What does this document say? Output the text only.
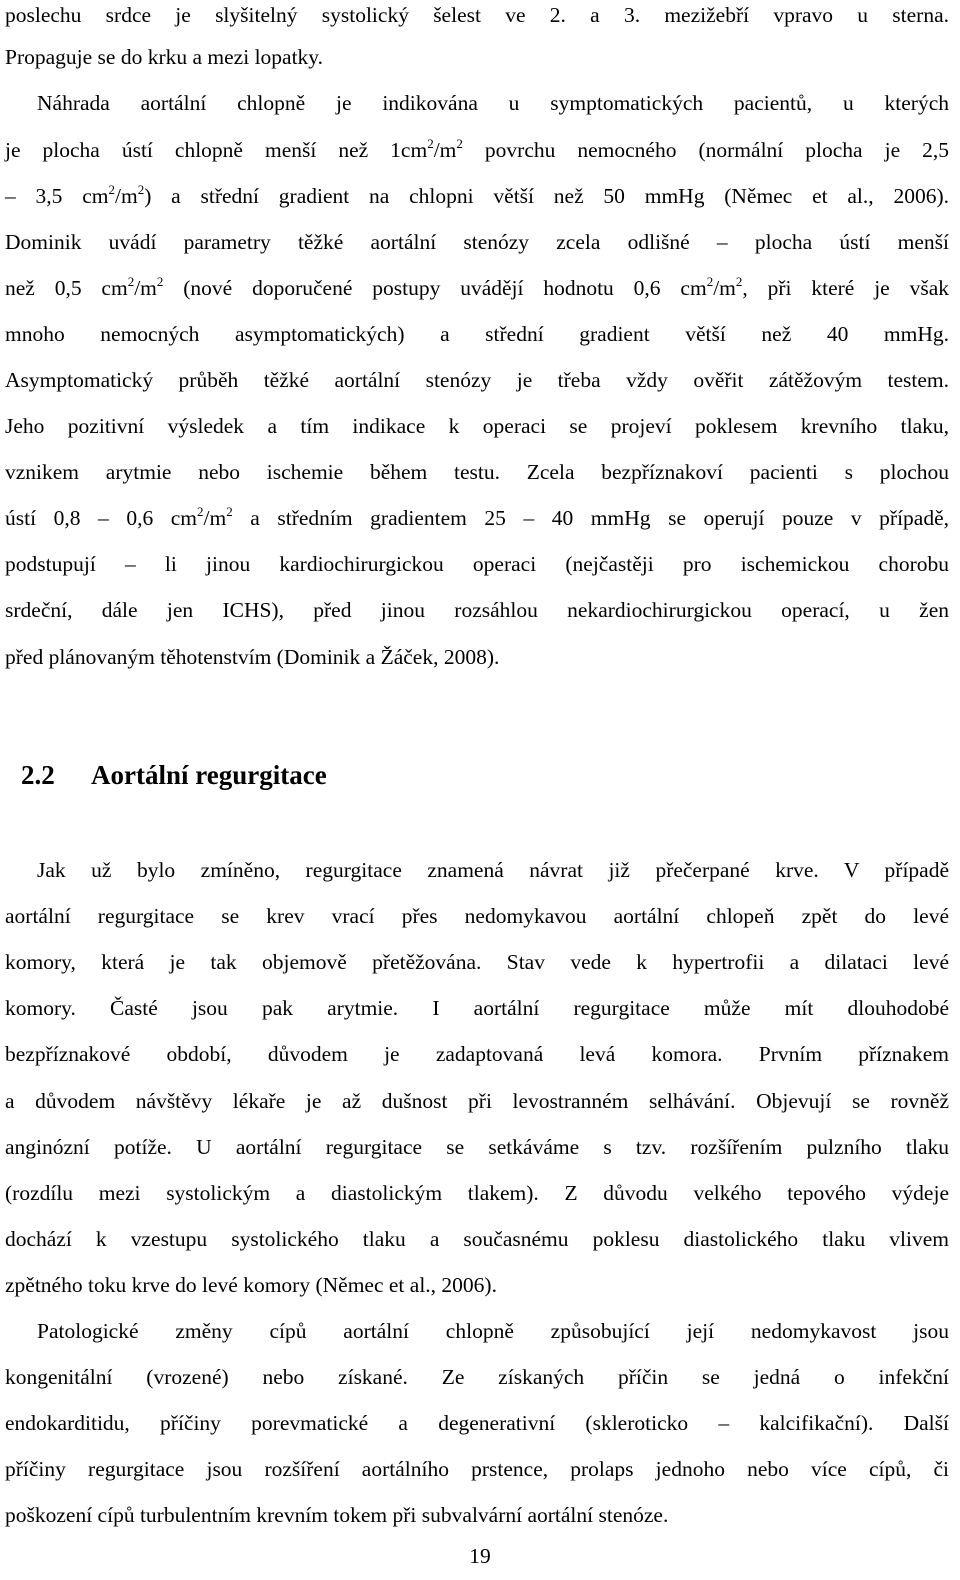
poslechu srdce je slyšitelný systolický šelest ve 2. a 3. mezižebří vpravo u sterna.
Propaguje se do krku a mezi lopatky.
Náhrada aortální chlopně je indikována u symptomatických pacientů, u kterých
je plocha ústí chlopně menší než $1cm^2/m^2$ povrchu nemocného (normální plocha je 2,5
– 3,5 $cm^2/m^2$) a střední gradient na chlopni větší než 50 mmHg (Němec et al., 2006).
Dominik uvádí parametry těžké aortální stenózy zcela odlišné – plocha ústí menší
než 0,5 $cm^2/m^2$ (nové doporučené postupy uvádějí hodnotu 0,6 $cm^2/m^2$, při které je však
mnoho nemocných asymptomatických) a střední gradient větší než 40 mmHg.
Asymptomatický průběh těžké aortální stenózy je třeba vždy ověřit zátěžovým testem.
Jeho pozitivní výsledek a tím indikace k operaci se projeví poklesem krevního tlaku,
vznikem arytmie nebo ischemie během testu. Zcela bezpříznakoví pacienti s plochou
ústí 0,8 – 0,6 $cm^2/m^2$ a středním gradientem 25 – 40 mmHg se operují pouze v případě,
podstupují – li jinou kardiochirurgickou operaci (nejčastěji pro ischemickou chorobu
srdeční, dále jen ICHS), před jinou rozsáhlou nekardiochirurgickou operací, u žen
před plánovaným těhotenstvím (Dominik a Žáček, 2008).
2.2 Aortální regurgitace
Jak už bylo zmíněno, regurgitace znamená návrat již přečerpané krve. V případě
aortální regurgitace se krev vrací přes nedomykavou aortální chlopeň zpět do levé
komory, která je tak objemově přetěžována. Stav vede k hypertrofii a dilataci levé
komory. Časté jsou pak arytmie. I aortální regurgitace může mít dlouhodobé
bezpříznakové období, důvodem je zadaptovaná levá komora. Prvním příznakem
a důvodem návštěvy lékaře je až dušnost při levostranném selhávání. Objevují se rovněž
anginózní potíže. U aortální regurgitace se setkáváme s tzv. rozšířením pulzního tlaku
(rozdílu mezi systolickým a diastolickým tlakem). Z důvodu velkého tepového výdeje
dochází k vzestupu systolického tlaku a současnému poklesu diastolického tlaku vlivem
zpětného toku krve do levé komory (Němec et al., 2006).
Patologické změny cípů aortální chlopně způsobující její nedomykavost jsou
kongenitální (vrozené) nebo získané. Ze získaných příčin se jedná o infekční
endokarditidu, příčiny porevmatické a degenerativní (skleroticko – kalcifikační). Další
příčiny regurgitace jsou rozšíření aortálního prstence, prolaps jednoho nebo více cípů, či
poškození cípů turbulentním krevním tokem při subvalvární aortální stenóze.
19
